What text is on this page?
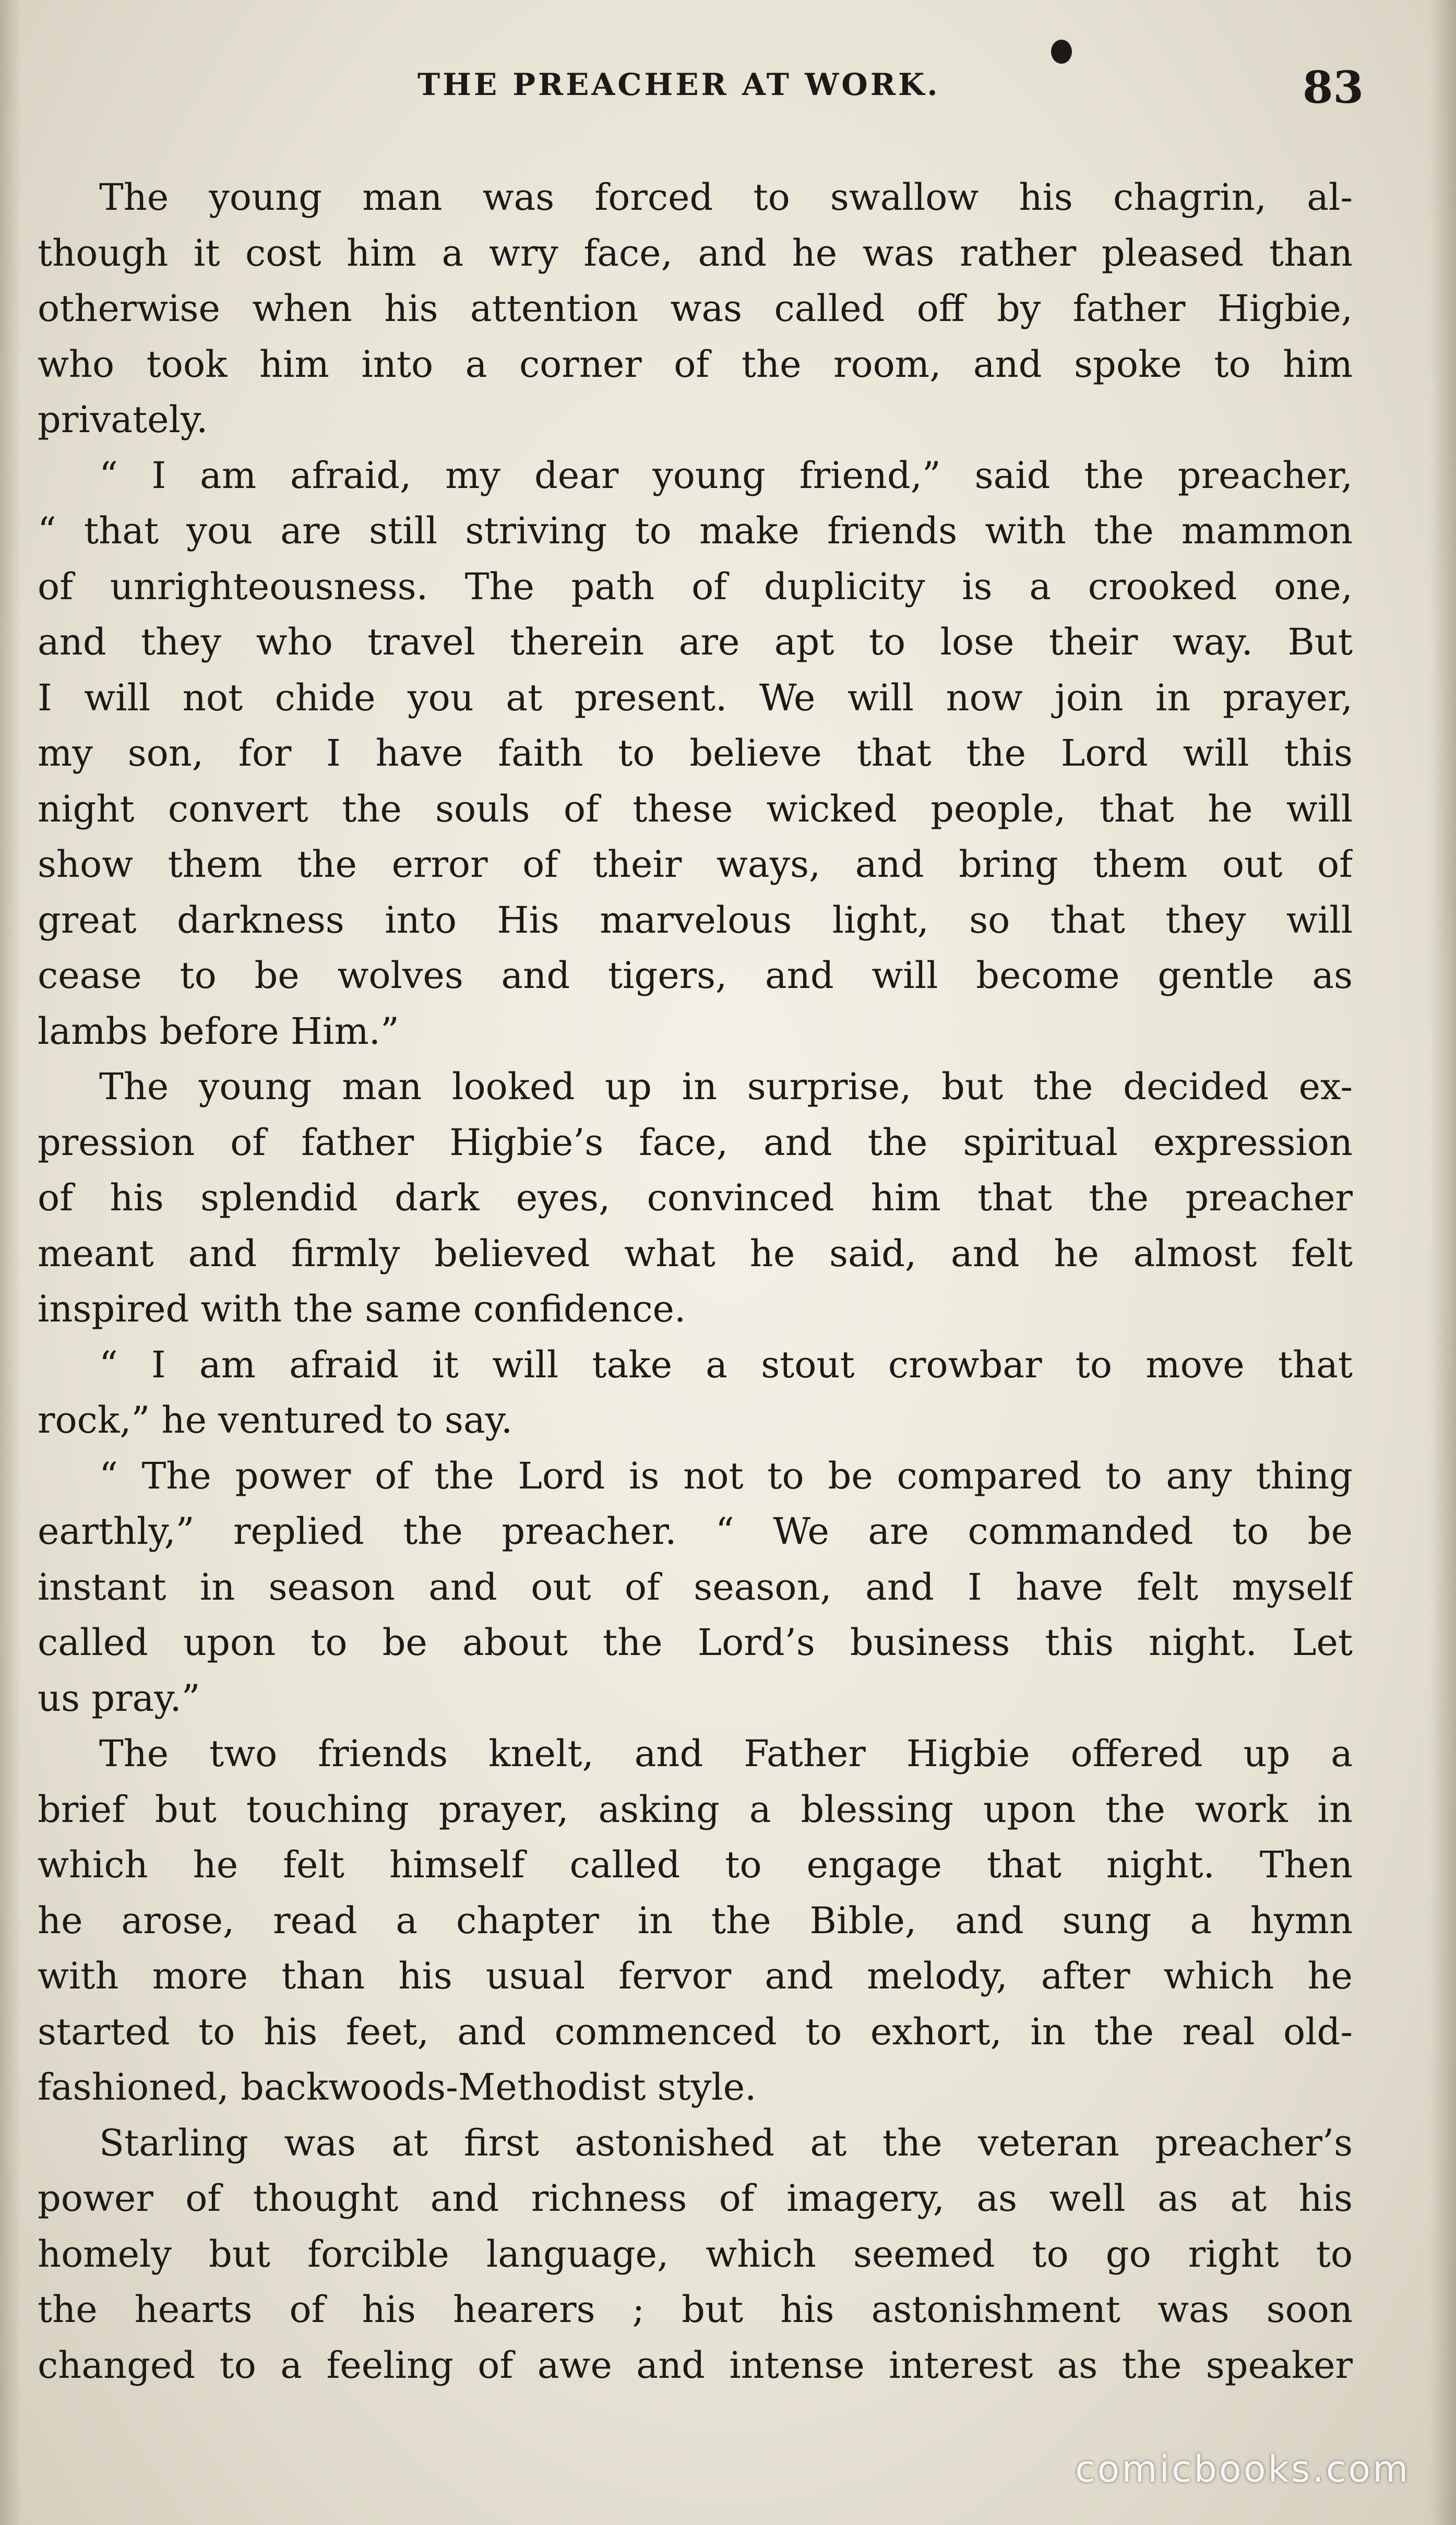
THE PREACHER AT WORK.	83
The young man was forced to swallow his chagrin, al-
though it cost him a wry face, and he was rather pleased than
otherwise when his attention was called off by father Higbie,
who took him into a corner of the room, and spoke to him
privately.
“ I am afraid, my dear young friend,” said the preacher,
“ that you are still striving to make friends with the mammon
of unrighteousness. The path of duplicity is a crooked one,
and they who travel therein are apt to lose their way. But
I will not chide you at present. We will now join in prayer,
my son, for I have faith to believe that the Lord will this
night convert the souls of these wicked people, that he will
show them the error of their ways, and bring them out of
great darkness into His marvelous light, so that they will
cease to be wolves and tigers, and will become gentle as
lambs before Him.”
The young man looked up in surprise, but the decided ex-
pression of father Higbie’s face, and the spiritual expression
of his splendid dark eyes, convinced him that the preacher
meant and firmly believed what he said, and he almost felt
inspired with the same confidence.
“ I am afraid it will take a stout crowbar to move that
rock,” he ventured to say.
“ The power of the Lord is not to be compared to any thing
earthly,” replied the preacher. “ We are commanded to be
instant in season and out of season, and I have felt myself
called upon to be about the Lord’s business this night. Let
us pray.”
The two friends knelt, and Father Higbie offered up a
brief but touching prayer, asking a blessing upon the work in
which he felt himself called to engage that night. Then
he arose, read a chapter in the Bible, and sung a hymn
with more than his usual fervor and melody, after which he
started to his feet, and commenced to exhort, in the real old-
fashioned, backwoods-Methodist style.
Starling was at first astonished at the veteran preacher’s
power of thought and richness of imagery, as well as at his
homely but forcible language, which seemed to go right to
the hearts of his hearers ; but his astonishment was soon
changed to a feeling of awe and intense interest as the speaker
comicbooks.com
